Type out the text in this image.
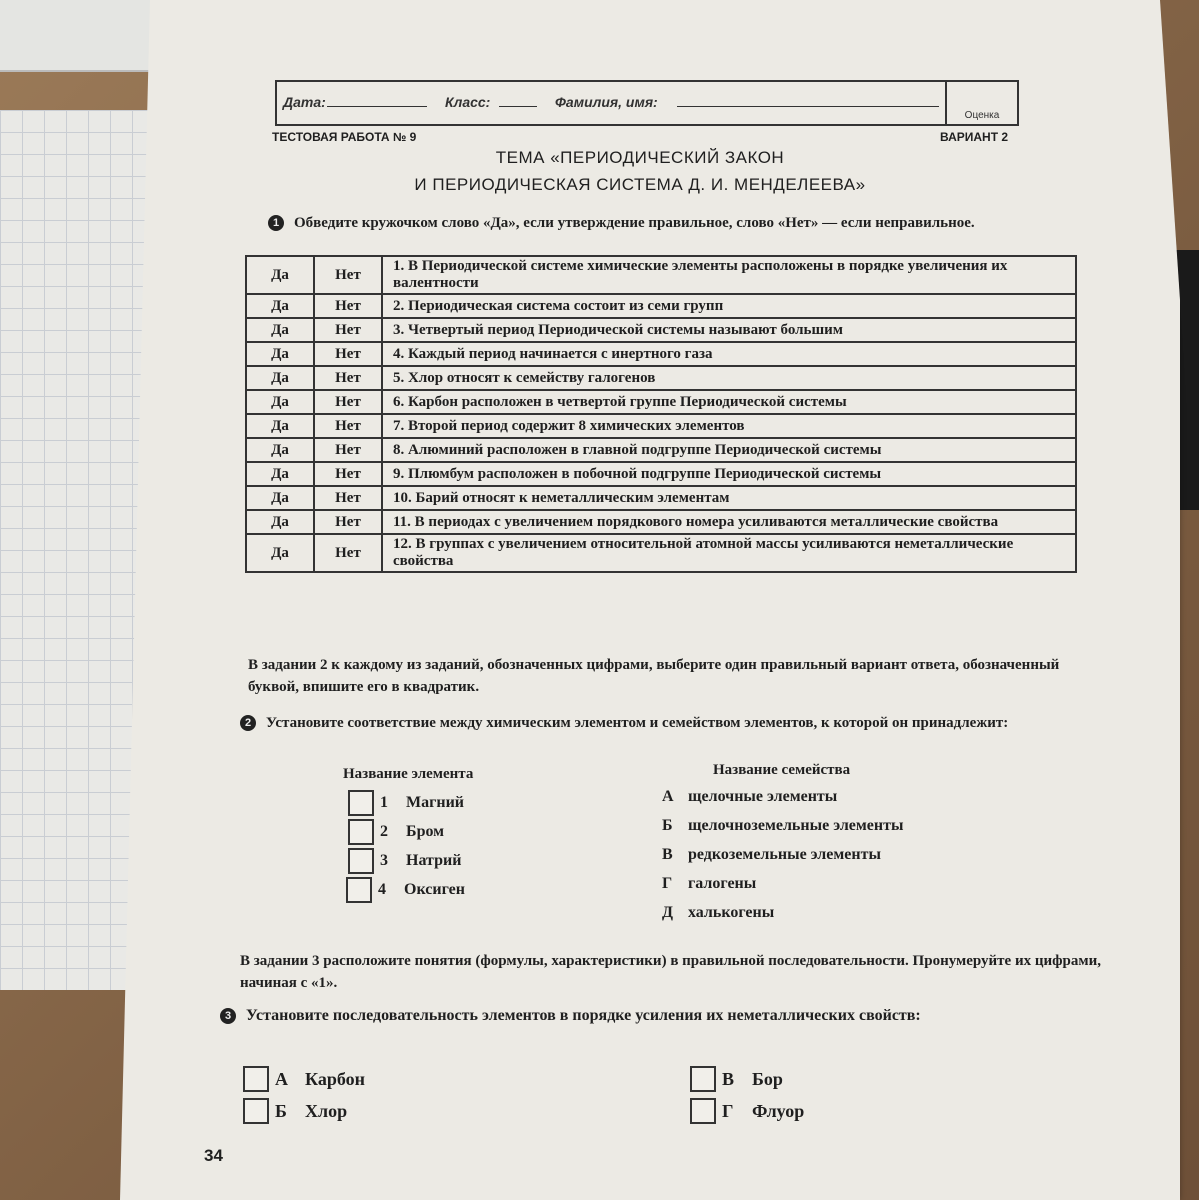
Дата:	Класс:	Фамилия, имя:
Оценка
ТЕСТОВАЯ РАБОТА № 9	ВАРИАНТ 2
ТЕМА «ПЕРИОДИЧЕСКИЙ ЗАКОН
И ПЕРИОДИЧЕСКАЯ СИСТЕМА Д. И. МЕНДЕЛЕЕВА»
1 Обведите кружочком слово «Да», если утверждение правильное, слово «Нет» — если неправильное.
Да	Нет	1. В Периодической системе химические элементы расположены в порядке увеличения их валентности
Да	Нет	2. Периодическая система состоит из семи групп
Да	Нет	3. Четвертый период Периодической системы называют большим
Да	Нет	4. Каждый период начинается с инертного газа
Да	Нет	5. Хлор относят к семейству галогенов
Да	Нет	6. Карбон расположен в четвертой группе Периодической системы
Да	Нет	7. Второй период содержит 8 химических элементов
Да	Нет	8. Алюминий расположен в главной подгруппе Периодической системы
Да	Нет	9. Плюмбум расположен в побочной подгруппе Периодической системы
Да	Нет	10. Барий относят к неметаллическим элементам
Да	Нет	11. В периодах с увеличением порядкового номера усиливаются металлические свойства
Да	Нет	12. В группах с увеличением относительной атомной массы усиливаются неметаллические свойства
В задании 2 к каждому из заданий, обозначенных цифрами, выберите один правильный вариант ответа, обозначенный буквой, впишите его в квадратик.
2 Установите соответствие между химическим элементом и семейством элементов, к которой он принадлежит:
Название элемента	Название семейства
1	Магний
2	Бром
3	Натрий
4	Оксиген
А щелочные элементы
Б щелочноземельные элементы
В редкоземельные элементы
Г галогены
Д халькогены
В задании 3 расположите понятия (формулы, характеристики) в правильной последовательности. Пронумеруйте их цифрами, начиная с «1».
3 Установите последовательность элементов в порядке усиления их неметаллических свойств:
А Карбон
Б	Хлор
В Бор
Г	Флуор
34
